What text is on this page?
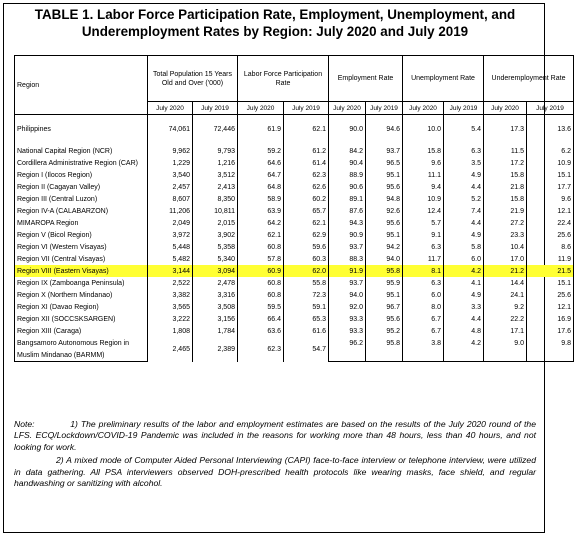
TABLE 1. Labor Force Participation Rate, Employment, Unemployment, and
Underemployment Rates by Region: July 2020 and July 2019
Region	Total Population 15 Years Old and Over ('000)		Labor Force Participation Rate		Employment Rate		Unemployment Rate		Underemployment Rate	
	July 2020	July 2019	July 2020	July 2019	July 2020	July 2019	July 2020	July 2019	July 2020	July 2019

Philippines	74,061	72,446	61.9	62.1	90.0	94.6	10.0	5.4	17.3	13.6

National Capital Region (NCR)	9,962	9,793	59.2	61.2	84.2	93.7	15.8	6.3	11.5	6.2
Cordillera Administrative Region (CAR)	1,229	1,216	64.6	61.4	90.4	96.5	9.6	3.5	17.2	10.9
Region I (Ilocos Region)	3,540	3,512	64.7	62.3	88.9	95.1	11.1	4.9	15.8	15.1
Region II (Cagayan Valley)	2,457	2,413	64.8	62.6	90.6	95.6	9.4	4.4	21.8	17.7
Region III (Central Luzon)	8,607	8,350	58.9	60.2	89.1	94.8	10.9	5.2	15.8	9.6
Region IV-A (CALABARZON)	11,206	10,811	63.9	65.7	87.6	92.6	12.4	7.4	21.9	12.1
MIMAROPA Region	2,049	2,015	64.2	62.1	94.3	95.6	5.7	4.4	27.2	22.4
Region V (Bicol Region)	3,972	3,902	62.1	62.9	90.9	95.1	9.1	4.9	23.3	25.6
Region VI (Western Visayas)	5,448	5,358	60.8	59.6	93.7	94.2	6.3	5.8	10.4	8.6
Region VII (Central Visayas)	5,482	5,340	57.8	60.3	88.3	94.0	11.7	6.0	17.0	11.9
Region VIII (Eastern Visayas)	3,144	3,094	60.9	62.0	91.9	95.8	8.1	4.2	21.2	21.5
Region IX (Zamboanga Peninsula)	2,522	2,478	60.8	55.8	93.7	95.9	6.3	4.1	14.4	15.1
Region X (Northern Mindanao)	3,382	3,316	60.8	72.3	94.0	95.1	6.0	4.9	24.1	25.6
Region XI (Davao Region)	3,565	3,508	59.5	59.1	92.0	96.7	8.0	3.3	9.2	12.1
Region XII (SOCCSKSARGEN)	3,222	3,156	66.4	65.3	93.3	95.6	6.7	4.4	22.2	16.9
Region XIII (Caraga)	1,808	1,784	63.6	61.6	93.3	95.2	6.7	4.8	17.1	17.6
Bangsamoro Autonomous Region in	2,465	2,389	62.3	54.7	96.2	95.8	3.8	4.2	9.0	9.8
Muslim Mindanao (BARMM)										
Note:	1) The preliminary results of the labor and employment estimates are based on the results of the July 2020 round of the LFS. ECQ/Lockdown/COVID-19 Pandemic was included in the reasons for working more than 48 hours, less than 40 hours, and not looking for work.
2) A mixed mode of Computer Aided Personal Interviewing (CAPI) face-to-face interview or telephone interview, were utilized in data gathering. All PSA interviewers observed DOH-prescribed health protocols like wearing masks, face shield, and regular handwashing or sanitizing with alcohol.
